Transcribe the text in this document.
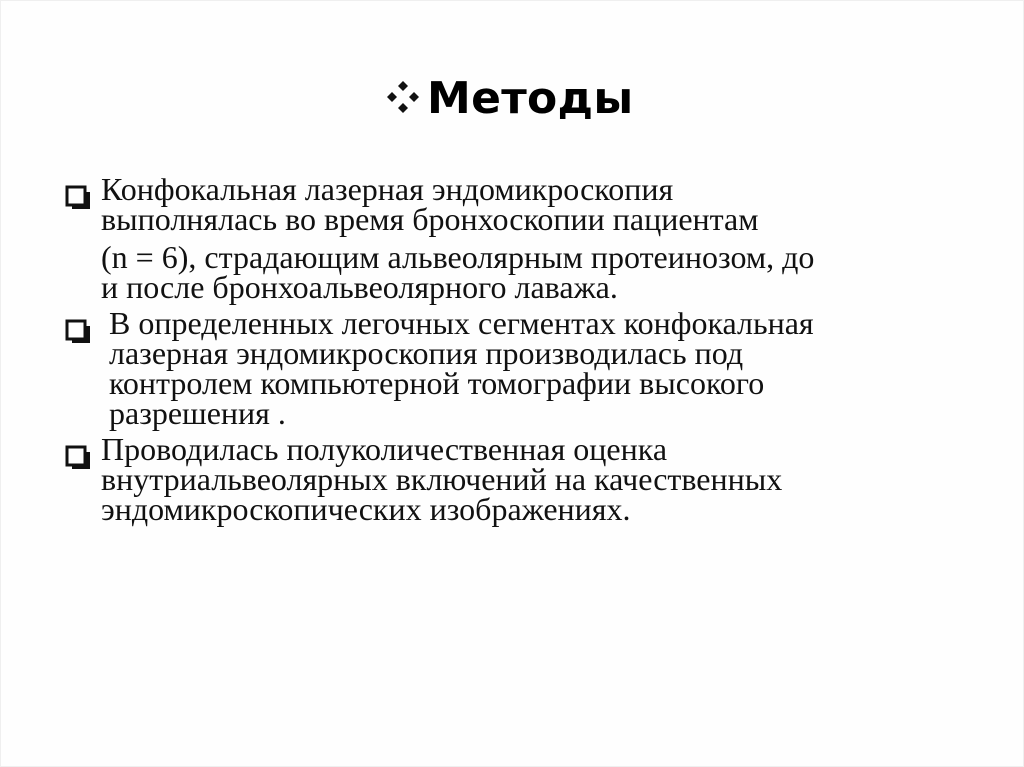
Методы

Конфокальная лазерная эндомикроскопия
выполнялась во время бронхоскопии пациентам

(n = 6), страдающим альвеолярным протеинозом, до
и после бронхоальвеолярного лаважа.

В определенных легочных сегментах конфокальная
лазерная эндомикроскопия производилась под
контролем компьютерной томографии высокого
разрешения .

Проводилась полуколичественная оценка
внутриальвеолярных включений на качественных
эндомикроскопических изображениях.
